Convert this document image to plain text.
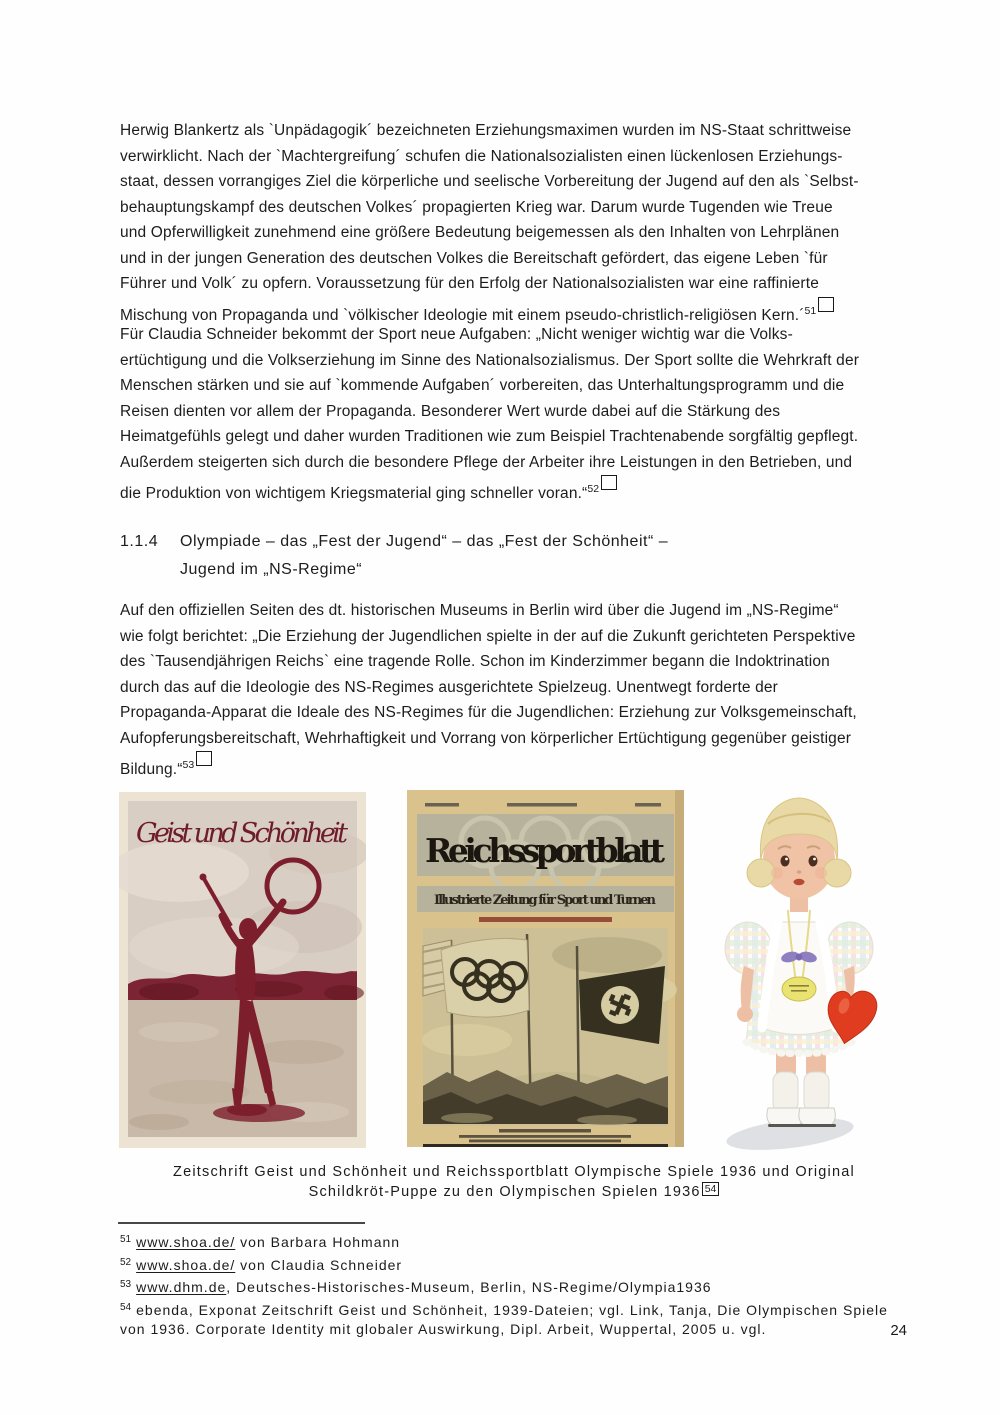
Herwig Blankertz als `Unpädagogik´ bezeichneten Erziehungsmaximen wurden im NS-Staat schrittweise
verwirklicht. Nach der `Machtergreifung´ schufen die Nationalsozialisten einen lückenlosen Erziehungs-
staat, dessen vorrangiges Ziel die körperliche und seelische Vorbereitung der Jugend auf den als `Selbst-
behauptungskampf des deutschen Volkes´ propagierten Krieg war. Darum wurde Tugenden wie Treue
und Opferwilligkeit zunehmend eine größere Bedeutung beigemessen als den Inhalten von Lehrplänen
und in der jungen Generation des deutschen Volkes die Bereitschaft gefördert, das eigene Leben `für
Führer und Volk´ zu opfern. Voraussetzung für den Erfolg der Nationalsozialisten war eine raffinierte
Mischung von Propaganda und `völkischer Ideologie mit einem pseudo-christlich-religiösen Kern.´$^{51}$
Für Claudia Schneider bekommt der Sport neue Aufgaben: „Nicht weniger wichtig war die Volks-
ertüchtigung und die Volkserziehung im Sinne des Nationalsozialismus. Der Sport sollte die Wehrkraft der
Menschen stärken und sie auf `kommende Aufgaben´ vorbereiten, das Unterhaltungsprogramm und die
Reisen dienten vor allem der Propaganda. Besonderer Wert wurde dabei auf die Stärkung des
Heimatgefühls gelegt und daher wurden Traditionen wie zum Beispiel Trachtenabende sorgfältig gepflegt.
Außerdem steigerten sich durch die besondere Pflege der Arbeiter ihre Leistungen in den Betrieben, und
die Produktion von wichtigem Kriegsmaterial ging schneller voran.“$^{52}$
1.1.4	Olympiade – das „Fest der Jugend“ – das „Fest der Schönheit“ –
Jugend im „NS-Regime“
Auf den offiziellen Seiten des dt. historischen Museums in Berlin wird über die Jugend im „NS-Regime“
wie folgt berichtet: „Die Erziehung der Jugendlichen spielte in der auf die Zukunft gerichteten Perspektive
des `Tausendjährigen Reichs` eine tragende Rolle. Schon im Kinderzimmer begann die Indoktrination
durch das auf die Ideologie des NS-Regimes ausgerichtete Spielzeug. Unentwegt forderte der
Propaganda-Apparat die Ideale des NS-Regimes für die Jugendlichen: Erziehung zur Volksgemeinschaft,
Aufopferungsbereitschaft, Wehrhaftigkeit und Vorrang von körperlicher Ertüchtigung gegenüber geistiger
Bildung.“$^{53}$
Geist und Schönheit Reichssportblatt
Illustrierte Zeitung für Sport und Turnen
Zeitschrift Geist und Schönheit und Reichssportblatt Olympische Spiele 1936 und Original
Schildkröt-Puppe zu den Olympischen Spielen 1936 54
$^{51}$ www.shoa.de/ von Barbara Hohmann
$^{52}$ www.shoa.de/ von Claudia Schneider
$^{53}$ www.dhm.de, Deutsches-Historisches-Museum, Berlin, NS-Regime/Olympia1936
$^{54}$ ebenda, Exponat Zeitschrift Geist und Schönheit, 1939-Dateien; vgl. Link, Tanja, Die Olympischen Spiele von 1936. Corporate Identity mit globaler Auswirkung, Dipl. Arbeit, Wuppertal, 2005 u. vgl.	24
